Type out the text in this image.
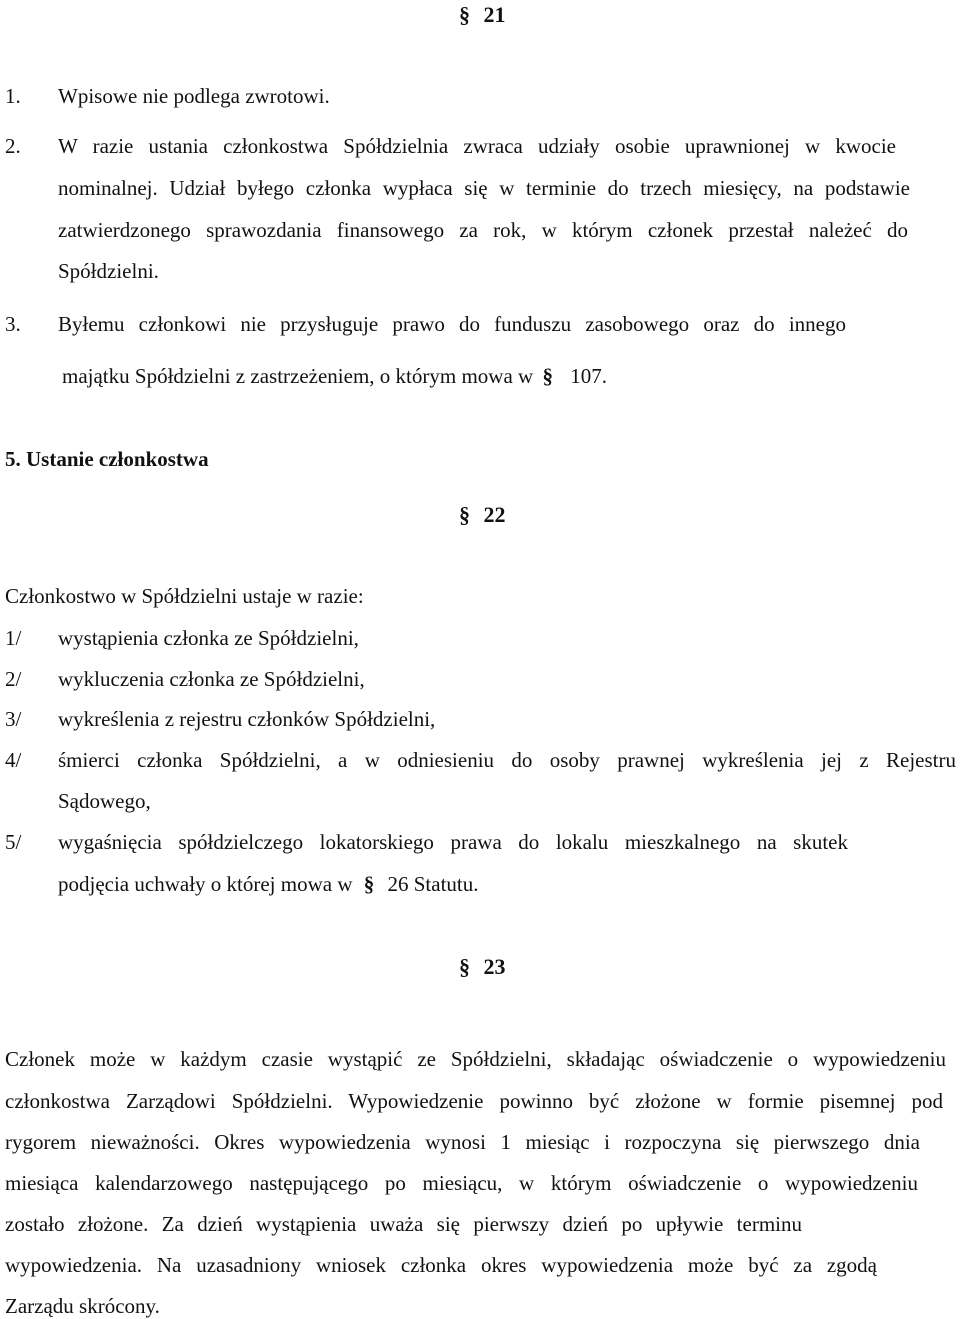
§ 21
1. Wpisowe nie podlega zwrotowi.
2. W razie ustania członkostwa Spółdzielnia zwraca udziały osobie uprawnionej w kwocie
nominalnej. Udział byłego członka wypłaca się w terminie do trzech miesięcy, na podstawie
zatwierdzonego sprawozdania finansowego za rok, w którym członek przestał należeć do
Spółdzielni.
3. Byłemu członkowi nie przysługuje prawo do funduszu zasobowego oraz do innego
majątku Spółdzielni z zastrzeżeniem, o którym mowa w § 107.
5. Ustanie członkostwa
§ 22
Członkostwo w Spółdzielni ustaje w razie:
1/ wystąpienia członka ze Spółdzielni,
2/ wykluczenia członka ze Spółdzielni,
3/ wykreślenia z rejestru członków Spółdzielni,
4/ śmierci członka Spółdzielni, a w odniesieniu do osoby prawnej wykreślenia jej z Rejestru
Sądowego,
5/ wygaśnięcia spółdzielczego lokatorskiego prawa do lokalu mieszkalnego na skutek
podjęcia uchwały o której mowa w § 26 Statutu.
§ 23
Członek może w każdym czasie wystąpić ze Spółdzielni, składając oświadczenie o wypowiedzeniu
członkostwa Zarządowi Spółdzielni. Wypowiedzenie powinno być złożone w formie pisemnej pod
rygorem nieważności. Okres wypowiedzenia wynosi 1 miesiąc i rozpoczyna się pierwszego dnia
miesiąca kalendarzowego następującego po miesiącu, w którym oświadczenie o wypowiedzeniu
zostało złożone. Za dzień wystąpienia uważa się pierwszy dzień po upływie terminu
wypowiedzenia. Na uzasadniony wniosek członka okres wypowiedzenia może być za zgodą
Zarządu skrócony.
